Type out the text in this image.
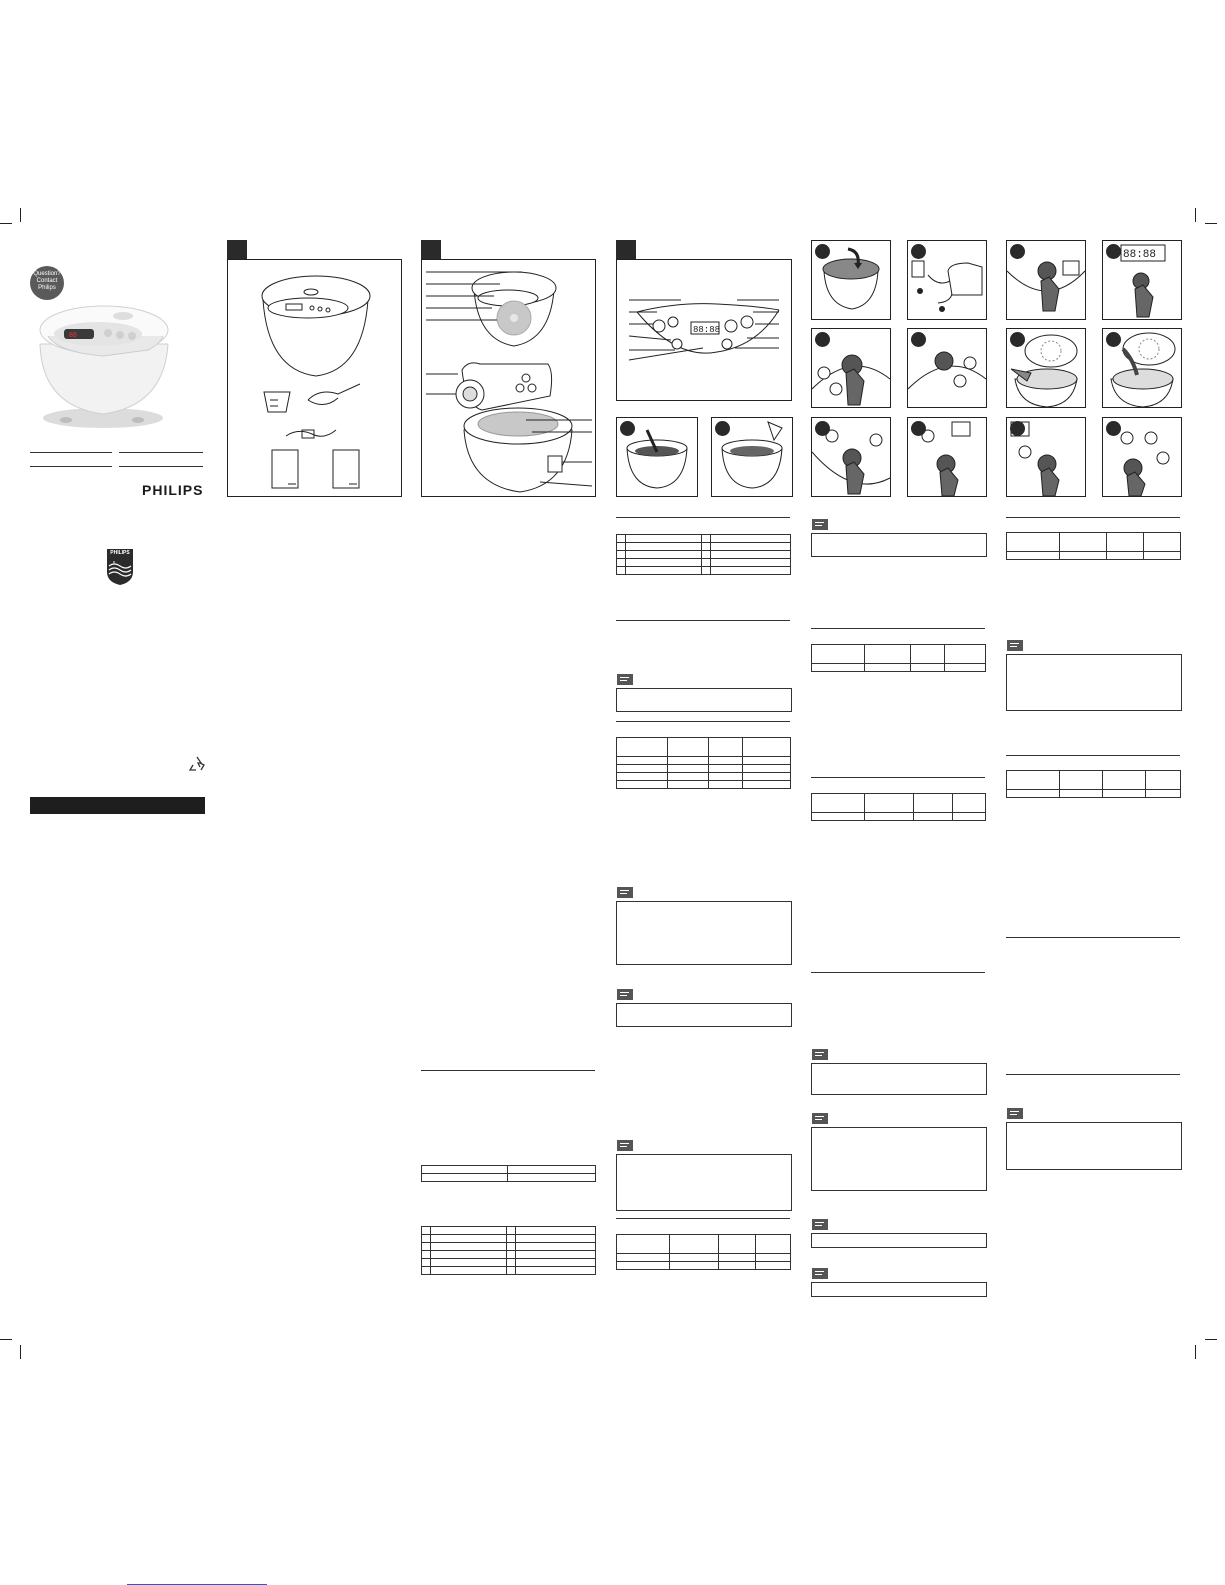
Question?
Contact
Philips
88
PHILIPS
PHILIPS
88:88
88:88
